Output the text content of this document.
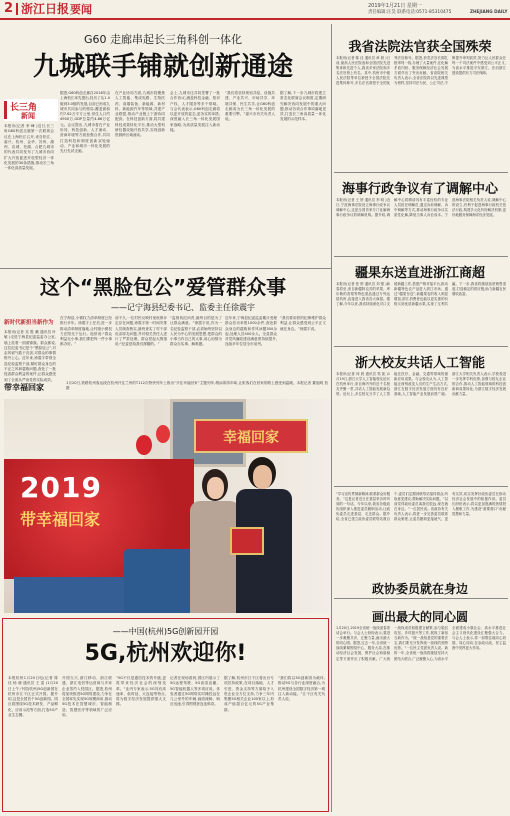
2 浙江日报 要闻	2019年1月21日 星期一
责任编辑:汪昊 联系电话:0571-85310475	ZHEJIANG DAILY
G60 走廊串起长三角科创一体化
九城联手铺就创新通途
长三角
新闻
本报讯(记者 李 峰 )近日,长三角G60科创走廊第一次联席会议在上海松江召开,来自松江、嘉兴、杭州、金华、苏州、湖州、宣城、芜湖、合肥九城市的代表共同发布了九城市协同扩大开放促进开放型经济一体化发展的30条措施,推动长三角一体化高质量发展。
据悉,G60科创走廊自2016年由上海松江率先提出,经历了从1.0版到3.0版的发展,目前已形成九城市共同参与的格局,覆盖面积约7.62万平方公里,常住人口约4900万,GDP总量约4.86万亿元。会议提出,九城市将在产业协同、科技创新、人才流动、营商环境等方面加强合作,共同打造科技和制度创新双轮驱动、产业和城市一体化发展的先行先试走廊。
在产业协同方面,九城市将聚焦人工智能、集成电路、生物医药、高端装备、新能源、新材料、新能源汽车等领域,共建产业联盟,推动产业链上下游协同配套。在科技创新方面,将共建科技成果转化平台,推动大型科研仪器设施开放共享,实现创新资源跨区域流动。
会上,九城市还共同签署了一批合作协议,涵盖科技金融、知识产权、人才服务等多个领域。与会代表表示,G60科创走廊将以更开放的姿态,更务实的举措,深度融入长三角一体化发展国家战略,为高质量发展注入新动能。
“我们将坚持规划共绘、设施共建、产业共兴、市场共享、环境共保、民生共享,让G60科创走廊成为长三角一体化发展的重要引擎。”嘉兴市有关负责人说。
据了解,下一步九城市将建立常态化联席会议制度,定期研究解决协同发展中的重大问题,推动各项合作事项落地见效,打造长三角高质量一体化发展的示范样本。
我省法院法官获全国殊荣
本报讯(记者 陈 佳 通讯员 章 晨 )日前,最高人民法院表彰全国法院先进集体和先进个人,我省多家法院和多名法官榜上有名。其中,杭州市中级人民法院等单位被授予全国法院先进集体称号,多名法官被授予全国优秀法官称号。据悉,获奖法官长期扎根审判一线,办理了大量案件,在化解矛盾纠纷、服务保障经济社会发展方面作出了突出贡献。省高院相关负责人表示,全省法院将以先进典型为榜样,坚持司法为民、公正司法,不断提升审判质效,努力让人民群众在每一个司法案件中感受到公平正义,为高水平推进平安浙江、法治浙江建设提供有力司法保障。
海事行政争议有了调解中心
本报讯(记者 王 婷 通讯员 李 明 )近日,宁波海事法院设立海事行政争议调解中心,这是全国首家专门化解海事行政争议的调解机构。据介绍,调解中心将聘请具有丰富经验的专业人员担任调解员,通过诉前调解、诉中调解等方式,推动海事行政争议实质性化解,降低当事人诉讼成本。宁波海事法院相关负责人说,调解中心的设立,有利于促进海事行政机关依法行政,构建多元化纠纷解决机制,更好地服务保障海洋经济发展。
这个“黑脸包公”爱管群众事
——记宁海县纪委书记、监委主任徐震宇
新时代新担当新作为
本报讯(记者 吴 胜 鹏 通讯员 叶 敏 )走进宁海县纪委监委办公室,墙上挂着一面面锦旗。群众都说,这位纪委书记是个“黑脸包公”,对歪风邪气敢于亮剑,对群众的事情格外上心。近年来,徐震宇带领全县纪检监察干部,紧盯群众身边的不正之风和腐败问题,查处了一批侵害群众利益的案件,让群众感受到了全面从严治党的实际成效。
在宁海县,小微权力清单制度已经推行多年。徐震宇上任后,进一步推动清单制度落地,让村级小微权力在阳光下运行。他常说:“群众利益无小事,我们要把每一件小事都办好。”
前不久,一位村民反映村里低保评定存在问题,徐震宇第一时间安排人员调查核实,最终查实了村干部优亲厚友问题,并对相关责任人进行了严肃处理。群众竖起大拇指说:“纪委是给我们撑腰的。”
“监督执纪问责,最终目的是为了让群众满意。”徐震宇说,作为一名纪检监察干部,必须始终坚持以人民为中心的发展思想,把群众的小事当作自己的大事,用心用情为群众办实事、解难题。
近年来,宁海县纪委监委累计受理群众信访举报1000余件,查处群众身边的腐败和作风问题300余起,处理人员400余人。全县群众对党风廉政建设满意度持续提升,连续多年位居全市前列。
“我们要用铁的纪律维护群众利益,让群众感受到公平正义就在身边。”徐震宇说。
疆果东送直进浙江商超
本报讯(记者 张 婷 通讯员 刘 强 )新春将至,来自新疆阿克苏的苹果、库尔勒的香梨等特色果品通过专列运抵杭州,直接进入我省各大商超。据了解,今年以来,我省持续深化对口支援新疆工作,搭建产销对接平台,推动新疆特色农产品进入浙江市场。通过“疆果东送”,新疆果农的收入明显增加,浙江消费者也能以更实惠的价格买到优质新疆水果,实现了互利共赢。下一步,我省将继续拓宽销售渠道,打造稳定的供应链,助力新疆农民增收致富。
浙大校友共话人工智能
本报讯(记者 何 晨 通讯员 郑 凯 )1月19日,浙江大学人工智能校友论坛在杭州举行,来自海内外的近千名校友齐聚一堂,共话人工智能发展新趋势。论坛上,多位校友分享了人工智能在医疗、金融、交通等领域的最新应用成果。与会校友认为,人工智能正深刻改变人们的生产生活方式,浙江在数字经济发展方面具有良好基础,人工智能产业发展前景广阔。浙江大学相关负责人表示,学校将进一步发挥学科优势,加强与校友企业的合作,推动人工智能领域的科技创新和成果转化,为浙江数字经济发展贡献力量。
带幸福回家	1月20日,铁路杭州客运段在杭州开往兰州的T112次特快列车上推出“开往幸福回家”主题列车,增添浓浓年味,让旅客们在回家的路上感受到温暖。本报记者 董旭明 拍摄
幸福回家
2019
带幸福回家
政协委员就在身边
“学习宣传贯彻新精神,联系群众好服务。”这是记者近日在基层采访时听到的一句话。今年以来,我省各级政协组织深入推进委员履职活动,让政协委员走进基层、走近群众。据介绍,全省已建立政协委员联络站数百个,委员们定期到联络站接待群众,听取意见建议,帮助解决实际问题。“以前觉得政协委员离我们很远,现在就在身边。”一位居民说。省政协有关负责人表示,将进一步完善委员联系群众制度,让委员履职更接地气、更有实效,切实发挥好政协委员在推动经济社会发展中的积极作用。委员们纷纷表示,将以更加饱满的热情投入履职工作,为建设“重要窗口”贡献智慧和力量。
画出最大的同心圆
1月20日,2019全省统一战线迎春茶话会举行。与会人士纷纷表示,要进一步凝聚共识、汇聚力量,画出最大的同心圆。据悉,过去一年,全省统一战线紧紧围绕中心、服务大局,在推动经济社会发展、维护社会和谐稳定等方面作出了积极贡献。广大统一战线成员积极建言献策,参与脱贫攻坚、乡村振兴等工作,展现了新担当新作为。“统一战线是党的重要法宝,我们要充分发挥统一战线的独特优势。”一位民主党派负责人说。新的一年,全省统一战线将继续坚持大团结大联合,广泛凝聚人心,为高水平全面建成小康社会、高水平推进社会主义现代化建设汇聚强大合力。与会人士表示,将一如既往地同心同德、同心同向,在参政议政、民主监督中发挥更大作用。
——中国(杭州)5G创新园开园
5G,杭州欢迎你!
本报杭州1月20日电(记者 陈 佳 杨 晓 通讯员 王 雷 )1月20日上午,中国(杭州)5G创新园在杭州市江干区正式开园。据介绍,这是全国首个5G创新园。园区将围绕5G技术研发、产品孵化、应用示范等方面,打造5G产业生态圈。
开园当天,浙江移动、浙江联通、浙江电信等运营商与多家企业签约入驻园区。据悉,杭州将加快推进5G网络建设,力争在全国率先实现5G规模商用,推动5G技术在智慧城市、智能制造、智慧医疗等领域的广泛应用。
“5G不仅是通信技术的升级,更将带来经济社会的深刻变革。”业内专家表示,5G具有高速率、低时延、大连接等特点,将为数字经济发展提供强大支撑。
记者在现场看到,园区内展示了5G远程驾驶、5G高清直播、5G智能机器人等多项应用。体验者通过5G网络实时操控远在几公里外的车辆,画面流畅、响应迅速,引得围观者连连称奇。
据了解,杭州市江干区将出台专项扶持政策,在项目落地、人才引进、资金支持等方面给予入驻企业全方位支持,力争三年内集聚5G相关企业100家以上,形成产值超百亿元的5G产业集群。
“我们将以5G创新园为载体,推动5G与各行业深度融合,为杭州建设全国数字经济第一城注入新动能。”江干区有关负责人说。
